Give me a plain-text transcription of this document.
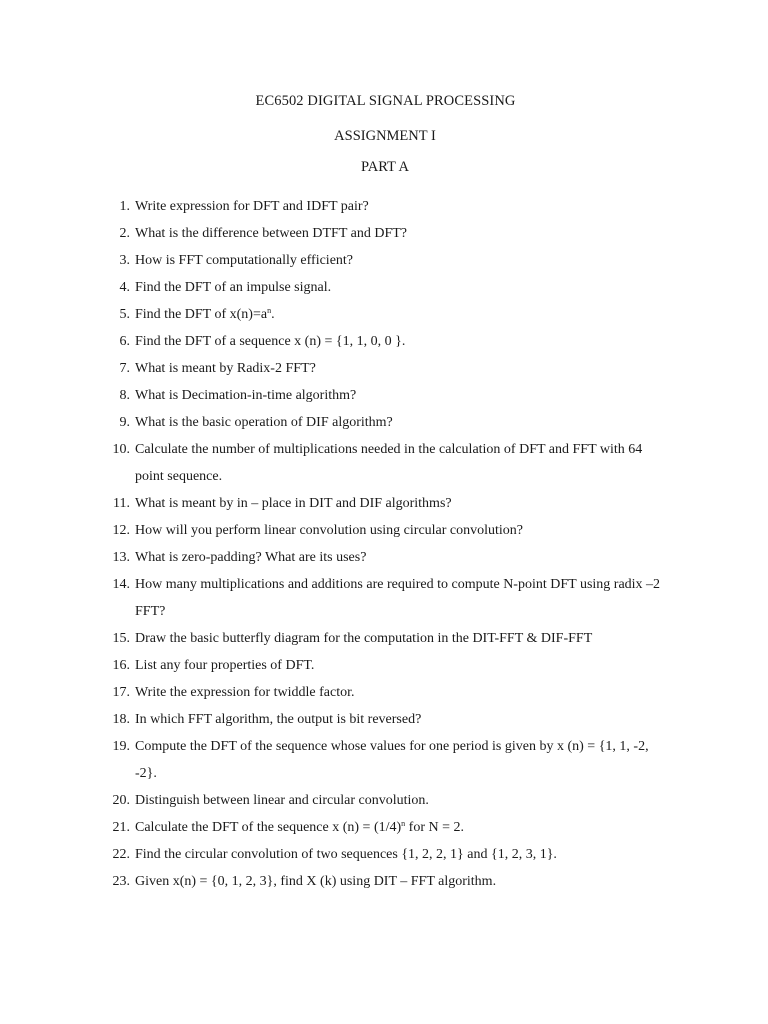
EC6502 DIGITAL SIGNAL PROCESSING
ASSIGNMENT I
PART A
1. Write expression for DFT and IDFT pair?
2. What is the difference between DTFT and DFT?
3. How is FFT computationally efficient?
4. Find the DFT of an impulse signal.
5. Find the DFT of $x(n)=a^n$.
6. Find the DFT of a sequence x (n) = {1, 1, 0, 0 }.
7. What is meant by Radix-2 FFT?
8. What is Decimation-in-time algorithm?
9. What is the basic operation of DIF algorithm?
10. Calculate the number of multiplications needed in the calculation of DFT and FFT with 64 point sequence.
11. What is meant by in – place in DIT and DIF algorithms?
12. How will you perform linear convolution using circular convolution?
13. What is zero-padding? What are its uses?
14. How many multiplications and additions are required to compute N-point DFT using radix –2 FFT?
15. Draw the basic butterfly diagram for the computation in the DIT-FFT & DIF-FFT
16. List any four properties of DFT.
17. Write the expression for twiddle factor.
18. In which FFT algorithm, the output is bit reversed?
19. Compute the DFT of the sequence whose values for one period is given by x (n) = {1, 1, -2, -2}.
20. Distinguish between linear and circular convolution.
21. Calculate the DFT of the sequence x $(n) = (1/4)^n$ for N = 2.
22. Find the circular convolution of two sequences {1, 2, 2, 1} and {1, 2, 3, 1}.
23. Given x(n) = {0, 1, 2, 3}, find X (k) using DIT – FFT algorithm.
